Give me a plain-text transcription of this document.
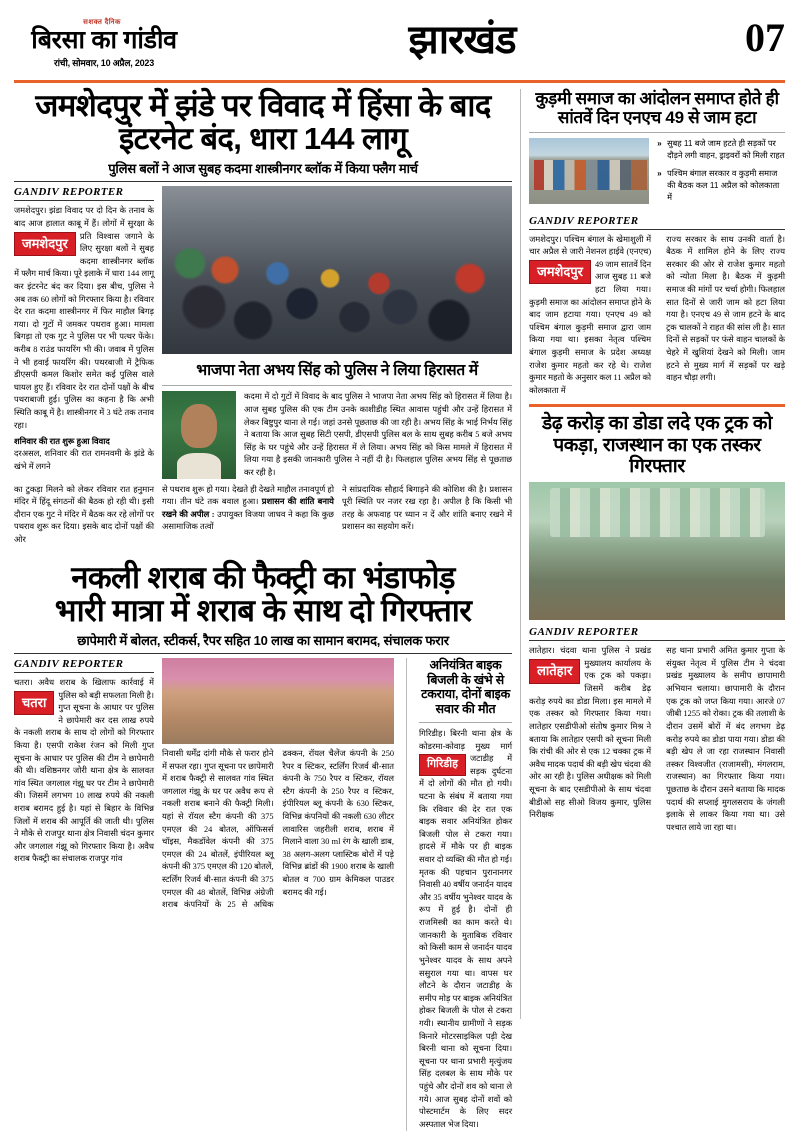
सशक्त दैनिक
बिरसा का गांडीव
रांची, सोमवार, 10 अप्रैल, 2023
झारखंड	07
जमशेदपुर में झंडे पर विवाद में हिंसा के बाद इंटरनेट बंद, धारा 144 लागू
पुलिस बलों ने आज सुबह कदमा शास्त्रीनगर ब्लॉक में किया फ्लैग मार्च
GANDIV REPORTER
जमशेदपुर। झंडा विवाद पर दो दिन के तनाव के बाद आज हालात काबू में हैं। लोगों
जमशेदपुर
में सुरक्षा के प्रति विश्वास जगाने के लिए सुरक्षा बलों ने सुबह कदमा शास्त्रीनगर ब्लॉक में फ्लैग मार्च किया। पूरे इलाके में धारा 144 लागू कर इंटरनेट बंद कर दिया। इस बीच, पुलिस ने अब तक 60 लोगों को गिरफ्तार किया है। रविवार देर रात कदमा शास्त्रीनगर में फिर माहौल बिगड़ गया। दो गुटों में जमकर पथराव हुआ। मामला बिगड़ा तो एक गुट ने पुलिस पर भी पत्थर फेंके। करीब 8 राउंड फायरिंग भी की। जवाब में पुलिस ने भी हवाई फायरिंग की। पथरबाजी में ट्रैफिक डीएसपी कमल किशोर समेत कई पुलिस वाले घायल हुए हैं। रविवार देर रात दोनों पक्षों के बीच पथराबाजी हुई। पुलिस का कहना है कि अभी स्थिति काबू में है। शास्त्रीनगर में 3 घंटे तक तनाव रहा।
शनिवार की रात शुरू हुआ विवाद
दरअसल, शनिवार की रात रामनवमी के झंडे के खंभे में लगने
भाजपा नेता अभय सिंह को पुलिस ने लिया हिरासत में
कदमा में दो गुटों में विवाद के बाद पुलिस ने भाजपा नेता अभय सिंह को हिरासत में लिया है। आज सुबह पुलिस की एक टीम उनके काशीडीह स्थित आवास पहुंची और उन्हें हिरासत में लेकर बिष्टुपुर थाना ले गई। जहां उनसे पूछताछ की जा रही है। अभय सिंह के भाई निर्भय सिंह ने बताया कि आज सुबह सिटी एसपी, डीएसपी पुलिस बल के साथ सुबह करीब 5 बजे अभय सिंह के घर पहुंचे और उन्हें हिरासत में ले लिया। अभय सिंह को किस मामले में हिरासत में लिया गया है इसकी जानकारी पुलिस ने नहीं दी है। फिलहाल पुलिस अभय सिंह से पूछताछ कर रही है।
का टुकड़ा मिलने को लेकर रविवार रात हनुमान मंदिर में हिंदू संगठनों की बैठक हो रही थी। इसी दौरान एक गुट ने मंदिर में बैठक कर रहे लोगों पर पथराव शुरू कर दिया। इसके बाद दोनों पक्षों की ओर
से पथराव शुरू हो गया। देखते ही देखते माहौल तनावपूर्ण हो गया। तीन घंटे तक बवाल हुआ। प्रशासन की शांति बनाये रखने की अपील : उपायुक्त विजया जाधव ने कहा कि कुछ असामाजिक तत्वों
ने सांप्रदायिक सौहार्द बिगाड़ने की कोशिश की है। प्रशासन पूरी स्थिति पर नजर रख रहा है। अपील है कि किसी भी तरह के अफवाह पर ध्यान न दें और शांति बनाए रखने में प्रशासन का सहयोग करें।
नकली शराब की फैक्ट्री का भंडाफोड़
भारी मात्रा में शराब के साथ दो गिरफ्तार
छापेमारी में बोलत, स्टीकर्स, रैपर सहित 10 लाख का सामान बरामद, संचालक फरार
GANDIV REPORTER
चतरा। अवैध शराब के खिलाफ कार्रवाई में पुलिस को बड़ी
चतरा	सफलता मिली है। गुप्त सूचना के आधार पर पुलिस ने छापेमारी कर दस लाख रुपये के नकली शराब के साथ दो लोगों को गिरफ्तार किया है। एसपी राकेश रंजन को मिली गुप्त सूचना के आधार पर पुलिस की टीम ने छापेमारी की थी। वशिष्ठनगर जोरी थाना क्षेत्र के सालवत गांव स्थित जगलाल गंझू घर पर टीम ने छापेमारी की। जिसमें लगभग 10 लाख रुपये की नकली शराब बरामद हुई है। यहां से बिहार के विभिन्न जिलों में शराब की आपूर्ति की जाती थी। पुलिस ने मौके से राजपुर थाना क्षेत्र निवासी चंदन कुमार और जगलाल गंझू को गिरफ्तार किया है। अवैध शराब फैक्ट्री का संचालक राजपुर गांव
निवासी धर्मेंद्र दांगी मौके से फरार होने में सफल रहा। गुप्त सूचना पर छापेमारी में शराब फैक्ट्री से सालवत गांव स्थित जगलाल गंझू के घर पर अवैध रूप से नकली शराब बनाने की फैक्ट्री मिली। यहां से रॉयल स्टैग कंपनी की 375 एमएल की 24 बोतल, ऑफिसर्स चॉइस, मैकडॉवेल कंपनी की 375 एमएल की 24 बोतलें, इंपीरियल ब्लू कंपनी की 375 एमएल की 120 बोतलें, स्टर्लिंग रिजर्व बी-सात कंपनी की 375 एमएल की 48 बोतलें, विभिन्न अंग्रेजी शराब कंपनियों के 25 से अधिक ढक्कन, रॉयल चैलेंज कंपनी के 250 रैपर व स्टिकर, स्टर्लिंग रिजर्व बी-सात कंपनी के 750 रैपर व स्टिकर, रॉयल स्टैग कंपनी के 250 रैपर व स्टिकर, इंपीरियल ब्लू कंपनी के 630 स्टिकर, विभिन्न कंपनियों की नकली 630 लीटर लावारिस जहरीली शराब, शराब में मिलाने वाला 30 ml रंग के खाली डाब, 38 अलग-अलग प्लास्टिक बोरों में पड़े विभिन्न ब्रांडों की 1900 शराब के खाली बोतल व 700 ग्राम केमिकल पाउडर बरामद की गई।
अनियंत्रित बाइक बिजली के खंभे से टकराया, दोनों बाइक सवार की मौत
गिरिडीह। बिरनी थाना क्षेत्र के कोडरमा-कोवाड़ मुख्य मार्ग
गिरिडीह	जटाडीह में सड़क दुर्घटना में दो लोगों की मौत हो गयी। घटना के संबंध में बताया गया कि रविवार की देर रात एक बाइक सवार अनियंत्रित होकर बिजली पोल से टकरा गया। हादसे में मौके पर ही बाइक सवार दो व्यक्ति की मौत हो गई। मृतक की पहचान पुरानानगर निवासी 40 वर्षीय जनार्दन यादव और 35 वर्षीय भुनेश्वर यादव के रूप में हुई है। दोनों ही राजमिस्त्री का काम करते थे। जानकारी के मुताबिक रविवार को किसी काम से जनार्दन यादव भुनेश्वर यादव के साथ अपने ससुराल गया था। वापस घर लौटने के दौरान जटाडीह के समीप मोड़ पर बाइक अनियंत्रित होकर बिजली के पोल से टकरा गयी। स्थानीय ग्रामीणों ने सड़क किनारे मोटरसाइकिल पड़ी देख बिरनी थाना को सूचना दिया। सूचना पर थाना प्रभारी मृत्युंजय सिंह दलबल के साथ मौके पर पहुंचे और दोनों शव को थाना ले गये। आज सुबह दोनों शवों को पोस्टमार्टम के लिए सदर अस्पताल भेज दिया।
कुड़मी समाज का आंदोलन समाप्त होते ही सांतवें दिन एनएच 49 से जाम हटा
» सुबह 11 बजे जाम हटते ही सड़कों पर दौड़ने लगी वाहन, ड्राइवरों को मिली राहत
» पश्चिम बंगाल सरकार व कुड़मी समाज की बैठक कल 11 अप्रैल को कोलकाता में
GANDIV REPORTER
जमशेदपुर। पश्चिम बंगाल के खेमाशुली में चार अप्रैल से जारी नेशनल हाईवे (एनएच) 49 जाम
जमशेदपुर	सातवें दिन आज सुबह 11 बजे हटा लिया गया। कुड़मी समाज का आंदोलन समाप्त होने के बाद जाम हटाया गया। एनएच 49 को पश्चिम बंगाल कुड़मी समाज द्वारा जाम किया गया था। इसका नेतृत्व पश्चिम बंगाल कुड़मी समाज के प्रदेश अध्यक्ष राजेश कुमार महतो कर रहे थे। राजेश कुमार महतो के अनुसार कल 11 अप्रैल को कोलकाता में
राज्य सरकार के साथ उनकी वार्ता है। बैठक में शामिल होने के लिए राज्य सरकार की ओर से राजेश कुमार महतो को न्योता मिला है। बैठक में कुड़मी समाज की मांगों पर चर्चा होगी। फिलहाल सात दिनों से जारी जाम को हटा लिया गया है। एनएच 49 से जाम हटने के बाद ट्रक चालकों ने राहत की सांस ली है। सात दिनों से सड़कों पर फंसे वाहन चालकों के चेहरे में खुशियां देखने को मिली। जाम हटने से मुख्य मार्ग में सड़कों पर खड़े वाहन चौड़ा लगी।
डेढ़ करोड़ का डोडा लदे एक ट्रक को पकड़ा, राजस्थान का एक तस्कर गिरफ्तार
GANDIV REPORTER
लातेहार। चंदवा थाना पुलिस ने प्रखंड मुख्यालय कार्यालय के
लातेहार	एक ट्रक को पकड़ा। जिसमें करीब डेढ़ करोड़ रुपये का डोडा मिला। इस मामले में एक तस्कर को गिरफ्तार किया गया। लातेहार एसडीपीओ संतोष कुमार मिश्र ने बताया कि लातेहार एसपी को सूचना मिली कि रांची की ओर से एक 12 चक्का ट्रक में अवैध मादक पदार्थ की बड़ी खेप चंदवा की ओर आ रही है। पुलिस अधीक्षक को मिली सूचना के बाद एसडीपीओ के साथ चंदवा बीडीओ सह सीओ विजय कुमार, पुलिस निरीक्षक
सह थाना प्रभारी अमित कुमार गुप्ता के संयुक्त नेतृत्व में पुलिस टीम ने चंदवा प्रखंड मुख्यालय के समीप छापामारी अभियान चलाया। छापामारी के दौरान एक ट्रक को जप्त किया गया। आरजे 07 जीबी 1255 को रोका। ट्रक की तलाशी के दौरान उसमें बोरों में बंद लगभग डेढ़ करोड़ रुपये का डोडा पाया गया। डोडा की बड़ी खेप ले जा रहा राजस्थान निवासी तस्कर विश्वजीत (राजामसी), मंगलराम, राजस्थान) का गिरफ्तार किया गया। पूछताछ के दौरान उसने बताया कि मादक पदार्थ की सप्लाई मुगलसराय के जंगली इलाके से लाकर किया गया था। उसे पश्चात लाये जा रहा था।
